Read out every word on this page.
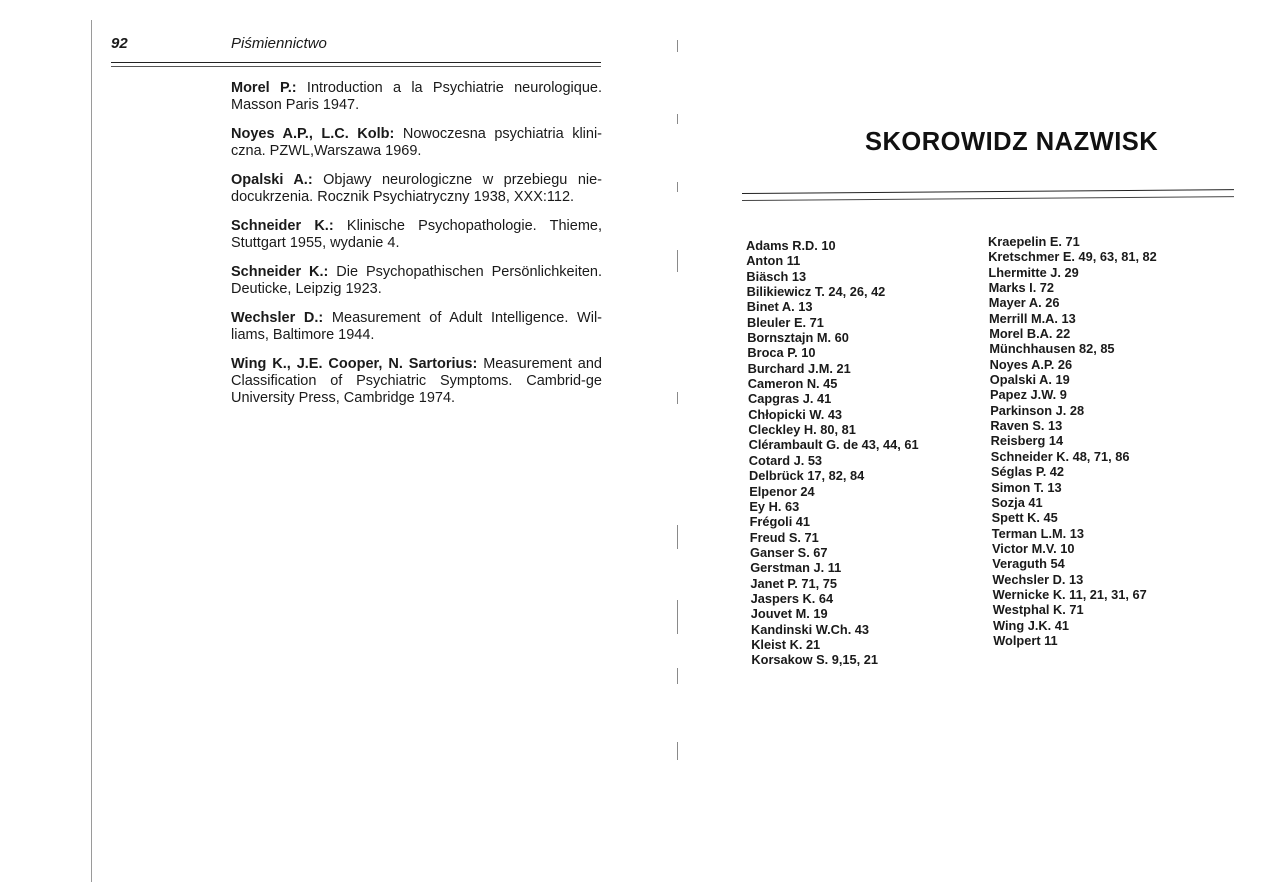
92	Piśmiennictwo
Morel P.: Introduction a la Psychiatrie neurologique. Masson Paris 1947.
Noyes A.P., L.C. Kolb: Nowoczesna psychiatria klini-czna. PZWL,Warszawa 1969.
Opalski A.: Objawy neurologiczne w przebiegu nie-docukrzenia. Rocznik Psychiatryczny 1938, XXX:112.
Schneider K.: Klinische Psychopathologie. Thieme, Stuttgart 1955, wydanie 4.
Schneider K.: Die Psychopathischen Persönlichkeiten. Deuticke, Leipzig 1923.
Wechsler D.: Measurement of Adult Intelligence. Wil-liams, Baltimore 1944.
Wing K., J.E. Cooper, N. Sartorius: Measurement and Classification of Psychiatric Symptoms. Cambrid-ge University Press, Cambridge 1974.
SKOROWIDZ NAZWISK
Adams R.D. 10
Anton 11
Biäsch 13
Bilikiewicz T. 24, 26, 42
Binet A. 13
Bleuler E. 71
Bornsztajn M. 60
Broca P. 10
Burchard J.M. 21
Cameron N. 45
Capgras J. 41
Chłopicki W. 43
Cleckley H. 80, 81
Clérambault G. de 43, 44, 61
Cotard J. 53
Delbrück 17, 82, 84
Elpenor 24
Ey H. 63
Frégoli 41
Freud S. 71
Ganser S. 67
Gerstman J. 11
Janet P. 71, 75
Jaspers K. 64
Jouvet M. 19
Kandinski W.Ch. 43
Kleist K. 21
Korsakow S. 9,15, 21
Kraepelin E. 71
Kretschmer E. 49, 63, 81, 82
Lhermitte J. 29
Marks I. 72
Mayer A. 26
Merrill M.A. 13
Morel B.A. 22
Münchhausen 82, 85
Noyes A.P. 26
Opalski A. 19
Papez J.W. 9
Parkinson J. 28
Raven S. 13
Reisberg 14
Schneider K. 48, 71, 86
Séglas P. 42
Simon T. 13
Sozja 41
Spett K. 45
Terman L.M. 13
Victor M.V. 10
Veraguth 54
Wechsler D. 13
Wernicke K. 11, 21, 31, 67
Westphal K. 71
Wing J.K. 41
Wolpert 11
